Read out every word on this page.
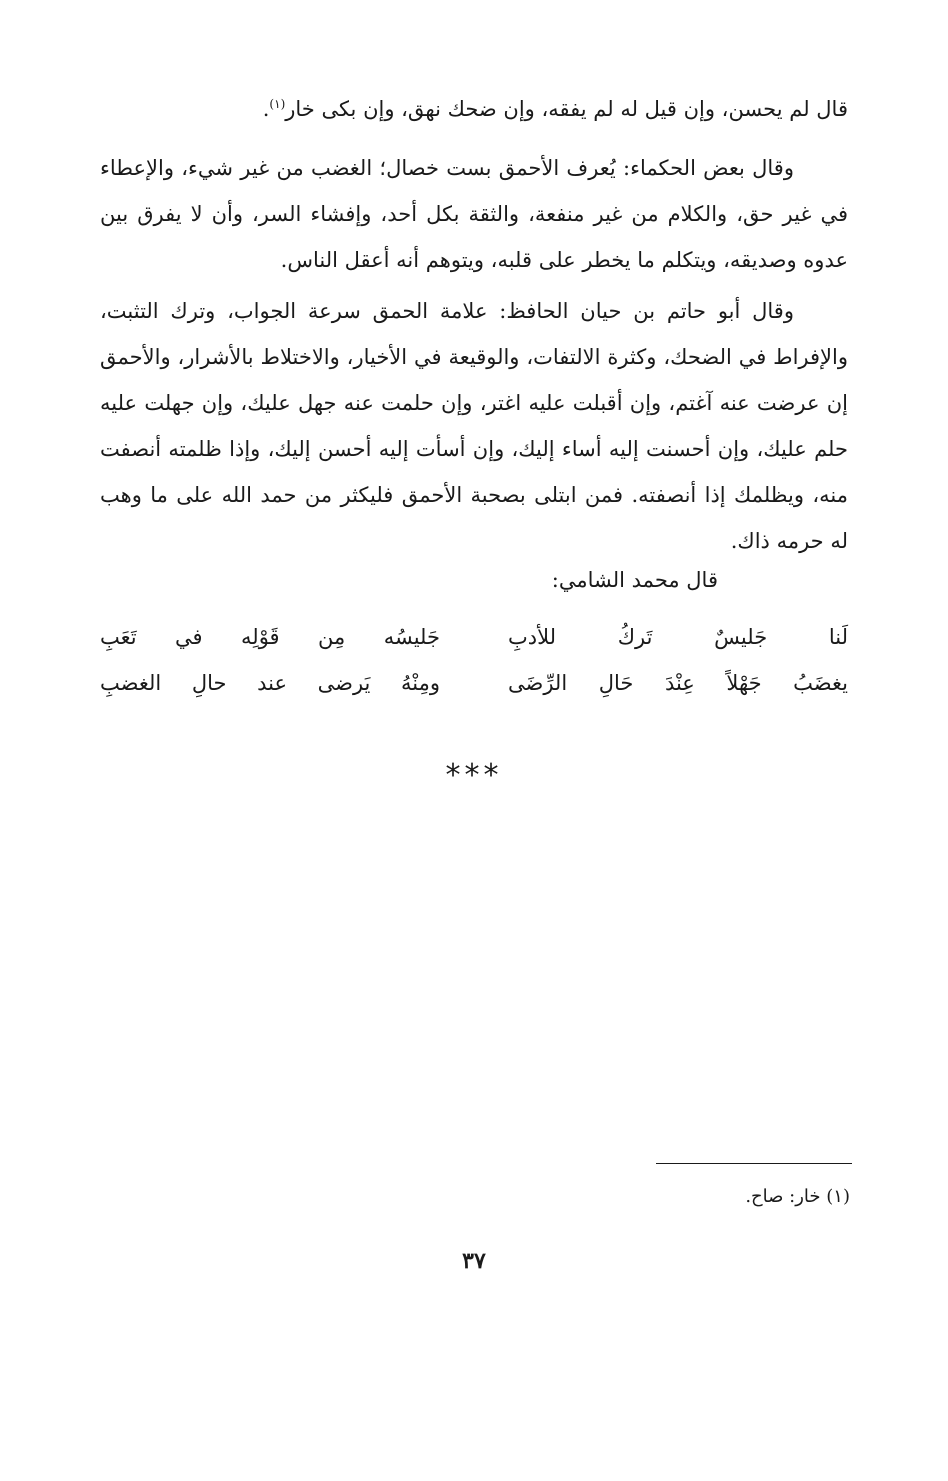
قال لم يحسن، وإن قيل له لم يفقه، وإن ضحك نهق، وإن بكى خار$^{(١)}$.

وقال بعض الحكماء: يُعرف الأحمق بست خصال؛ الغضب من غير شيء، والإعطاء في غير حق، والكلام من غير منفعة، والثقة بكل أحد، وإفشاء السر، وأن لا يفرق بين عدوه وصديقه، ويتكلم ما يخطر على قلبه، ويتوهم أنه أعقل الناس.

وقال أبو حاتم بن حيان الحافظ: علامة الحمق سرعة الجواب، وترك التثبت، والإفراط في الضحك، وكثرة الالتفات، والوقيعة في الأخيار، والاختلاط بالأشرار، والأحمق إن عرضت عنه آغتم، وإن أقبلت عليه اغتر، وإن حلمت عنه جهل عليك، وإن جهلت عليه حلم عليك، وإن أحسنت إليه أساء إليك، وإن أسأت إليه أحسن إليك، وإذا ظلمته أنصفت منه، ويظلمك إذا أنصفته. فمن ابتلى بصحبة الأحمق فليكثر من حمد الله على ما وهب له حرمه ذاك.

قال محمد الشامي:
لَنا جَليسٌ تَركُ للأدبِ
جَليسُه مِن قَوْلِه في تَعَبِ
يغضَبُ جَهْلاً عِنْدَ حَالِ الرِّضَى
ومِنْهُ يَرضى عند حالِ الغضبِ
***
(١) خار: صاح.
٣٧
